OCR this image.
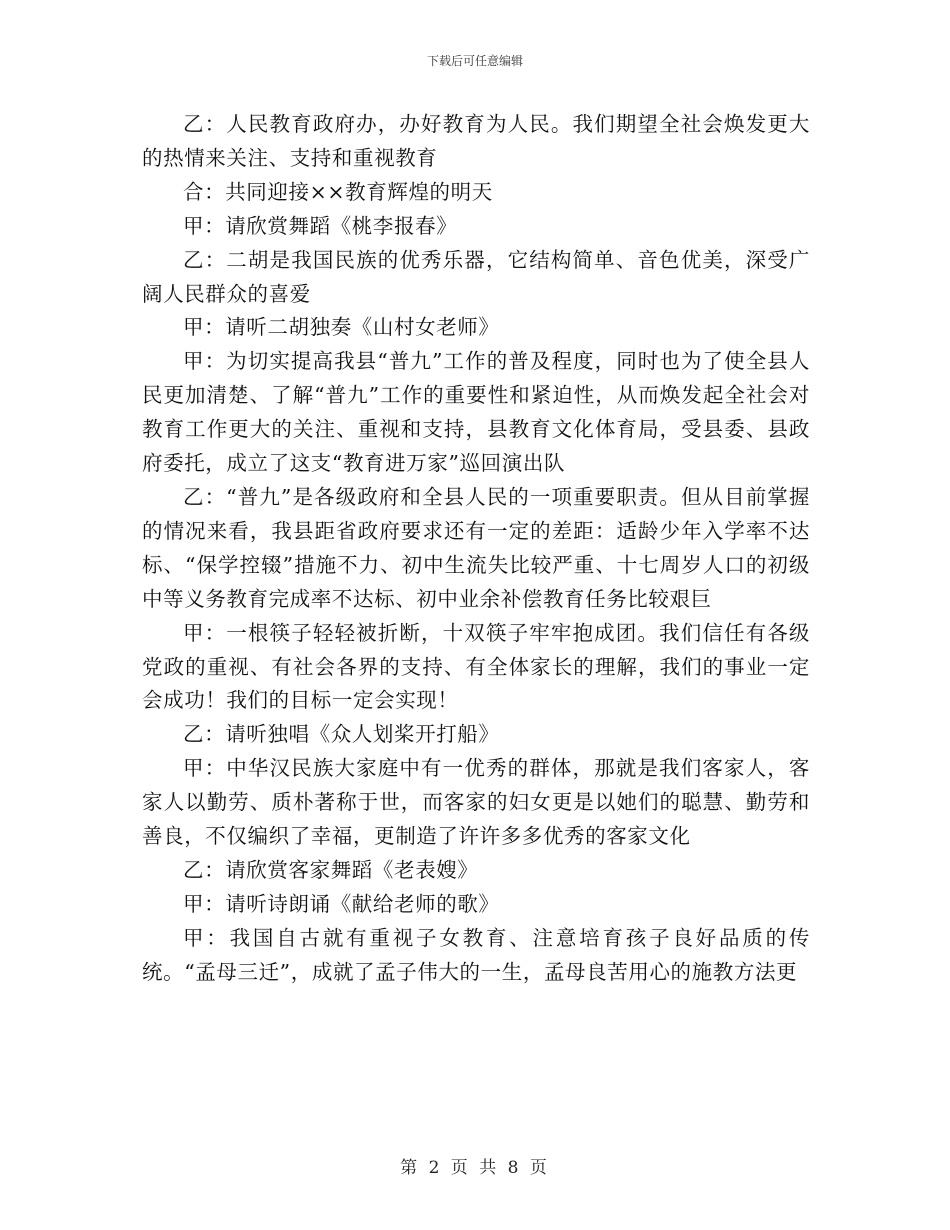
下载后可任意编辑

乙：人民教育政府办，办好教育为人民。我们期望全社会焕发更大的热情来关注、支持和重视教育

合：共同迎接××教育辉煌的明天

甲：请欣赏舞蹈《桃李报春》

乙：二胡是我国民族的优秀乐器，它结构简单、音色优美，深受广阔人民群众的喜爱

甲：请听二胡独奏《山村女老师》

甲：为切实提高我县“普九”工作的普及程度，同时也为了使全县人民更加清楚、了解“普九”工作的重要性和紧迫性，从而焕发起全社会对教育工作更大的关注、重视和支持，县教育文化体育局，受县委、县政府委托，成立了这支“教育进万家”巡回演出队

乙：“普九”是各级政府和全县人民的一项重要职责。但从目前掌握的情况来看，我县距省政府要求还有一定的差距：适龄少年入学率不达标、“保学控辍”措施不力、初中生流失比较严重、十七周岁人口的初级中等义务教育完成率不达标、初中业余补偿教育任务比较艰巨

甲：一根筷子轻轻被折断，十双筷子牢牢抱成团。我们信任有各级党政的重视、有社会各界的支持、有全体家长的理解，我们的事业一定会成功！我们的目标一定会实现！

乙：请听独唱《众人划桨开打船》

甲：中华汉民族大家庭中有一优秀的群体，那就是我们客家人，客家人以勤劳、质朴著称于世，而客家的妇女更是以她们的聪慧、勤劳和善良，不仅编织了幸福，更制造了许许多多优秀的客家文化

乙：请欣赏客家舞蹈《老表嫂》

甲：请听诗朗诵《献给老师的歌》

甲：我国自古就有重视子女教育、注意培育孩子良好品质的传统。“孟母三迁”，成就了孟子伟大的一生，孟母良苦用心的施教方法更

第 2 页 共 8 页
